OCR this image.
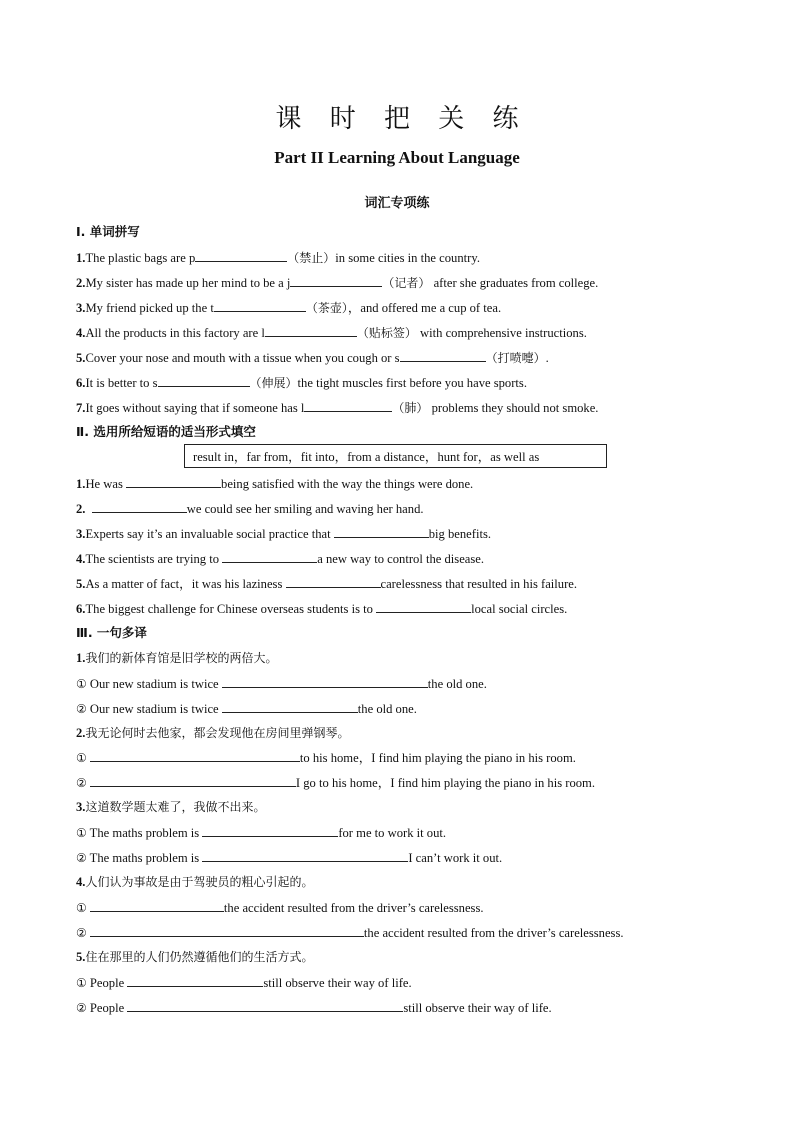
课 时 把 关 练
Part II Learning About Language
词汇专项练
Ⅰ. 单词拼写
1.The plastic bags are p	（禁止）in some cities in the country.
2.My sister has made up her mind to be a j	（记者） after she graduates from college.
3.My friend picked up the t	（茶壶），and offered me a cup of tea.
4.All the products in this factory are l	（贴标签） with comprehensive instructions.
5.Cover your nose and mouth with a tissue when you cough or s	（打喷嚏）.
6.It is better to s	（伸展）the tight muscles first before you have sports.
7.It goes without saying that if someone has l	（肺） problems they should not smoke.
Ⅱ. 选用所给短语的适当形式填空
result in，far from，fit into，from a distance，hunt for，as well as
1.He was	being satisfied with the way the things were done.
2.	we could see her smiling and waving her hand.
3.Experts say it’s an invaluable social practice that	big benefits.
4.The scientists are trying to	a new way to control the disease.
5.As a matter of fact，it was his laziness	carelessness that resulted in his failure.
6.The biggest challenge for Chinese overseas students is to	local social circles.
Ⅲ. 一句多译
1.我们的新体育馆是旧学校的两倍大。
① Our new stadium is twice	the old one.
② Our new stadium is twice	the old one.
2.我无论何时去他家，都会发现他在房间里弹钢琴。
①	to his home，I find him playing the piano in his room.
②	I go to his home，I find him playing the piano in his room.
3.这道数学题太难了，我做不出来。
① The maths problem is	for me to work it out.
② The maths problem is	I can’t work it out.
4.人们认为事故是由于驾驶员的粗心引起的。
①	the accident resulted from the driver’s carelessness.
②	the accident resulted from the driver’s carelessness.
5.住在那里的人们仍然遵循他们的生活方式。
① People	still observe their way of life.
② People	still observe their way of life.
